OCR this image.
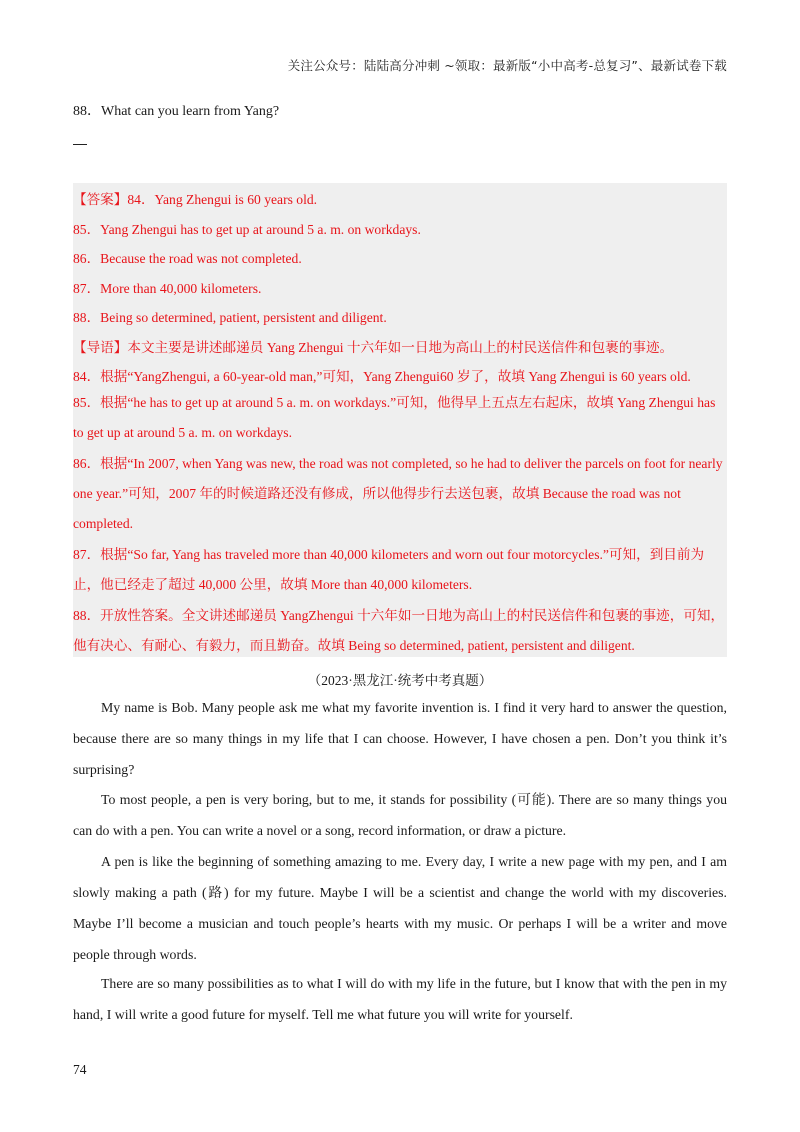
关注公众号：陆陆高分冲刺 ~领取：最新版“小中高考-总复习”、最新试卷下载
88．What can you learn from Yang?
【答案】84．Yang Zhengui is 60 years old.
85．Yang Zhengui has to get up at around 5 a. m. on workdays.
86．Because the road was not completed.
87．More than 40,000 kilometers.
88．Being so determined, patient, persistent and diligent.
【导语】本文主要是讲述邮递员 Yang Zhengui 十六年如一日地为高山上的村民送信件和包裹的事迹。
84．根据“YangZhengui, a 60-year-old man,”可知，Yang Zhengui60 岁了，故填 Yang Zhengui is 60 years old.
85．根据“he has to get up at around 5 a. m. on workdays.”可知，他得早上五点左右起床，故填 Yang Zhengui has to get up at around 5 a. m. on workdays.
86．根据“In 2007, when Yang was new, the road was not completed, so he had to deliver the parcels on foot for nearly one year.”可知，2007 年的时候道路还没有修成，所以他得步行去送包裹，故填 Because the road was not completed.
87．根据“So far, Yang has traveled more than 40,000 kilometers and worn out four motorcycles.”可知，到目前为止，他已经走了超过 40,000 公里，故填 More than 40,000 kilometers.
88．开放性答案。全文讲述邮递员 YangZhengui 十六年如一日地为高山上的村民送信件和包裹的事迹，可知，他有决心、有耐心、有毅力，而且勤奋。故填 Being so determined, patient, persistent and diligent.
（2023·黑龙江·统考中考真题）
My name is Bob. Many people ask me what my favorite invention is. I find it very hard to answer the question, because there are so many things in my life that I can choose. However, I have chosen a pen. Don’t you think it’s surprising?
To most people, a pen is very boring, but to me, it stands for possibility (可能). There are so many things you can do with a pen. You can write a novel or a song, record information, or draw a picture.
A pen is like the beginning of something amazing to me. Every day, I write a new page with my pen, and I am slowly making a path (路) for my future. Maybe I will be a scientist and change the world with my discoveries. Maybe I’ll become a musician and touch people’s hearts with my music. Or perhaps I will be a writer and move people through words.
There are so many possibilities as to what I will do with my life in the future, but I know that with the pen in my hand, I will write a good future for myself. Tell me what future you will write for yourself.
74
